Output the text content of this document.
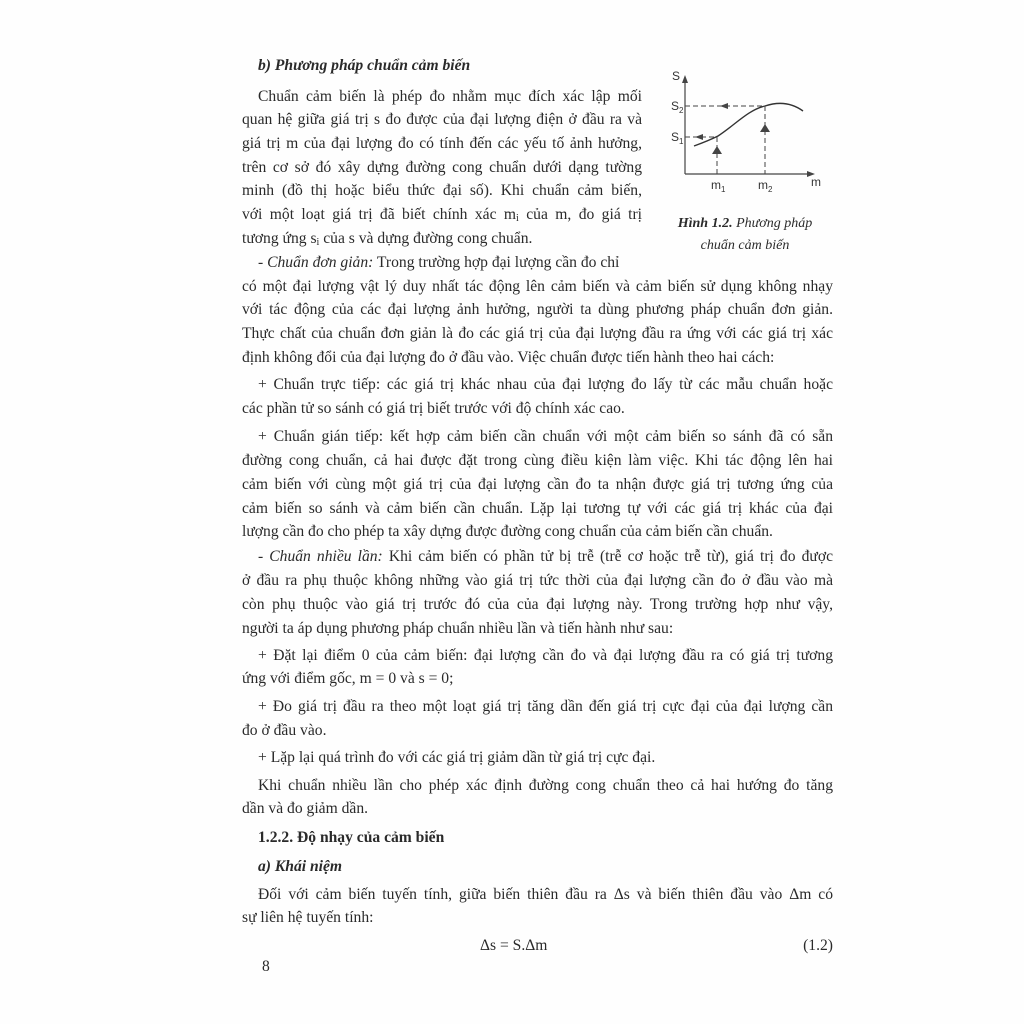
b) Phương pháp chuẩn cảm biến
Chuẩn cảm biến là phép đo nhằm mục đích xác lập mối
quan hệ giữa giá trị s đo được của đại lượng điện ở đầu ra và
giá trị m của đại lượng đo có tính đến các yếu tố ảnh hưởng,
trên cơ sở đó xây dựng đường cong chuẩn dưới dạng tường
minh (đồ thị hoặc biểu thức đại số). Khi chuẩn cảm biến,
với một loạt giá trị đã biết chính xác $m_i$ của m, đo giá trị
tương ứng $s_i$ của s và dựng đường cong chuẩn.
- Chuẩn đơn giản: Trong trường hợp đại lượng cần đo chỉ
có một đại lượng vật lý duy nhất tác động lên cảm biến và cảm biến sử dụng không nhạy
với tác động của các đại lượng ảnh hưởng, người ta dùng phương pháp chuẩn đơn giản.
Thực chất của chuẩn đơn giản là đo các giá trị của đại lượng đầu ra ứng với các giá trị xác
định không đổi của đại lượng đo ở đầu vào. Việc chuẩn được tiến hành theo hai cách:
+ Chuẩn trực tiếp: các giá trị khác nhau của đại lượng đo lấy từ các mẫu chuẩn hoặc
các phần tử so sánh có giá trị biết trước với độ chính xác cao.
+ Chuẩn gián tiếp: kết hợp cảm biến cần chuẩn với một cảm biến so sánh đã có sẵn
đường cong chuẩn, cả hai được đặt trong cùng điều kiện làm việc. Khi tác động lên hai
cảm biến với cùng một giá trị của đại lượng cần đo ta nhận được giá trị tương ứng của
cảm biến so sánh và cảm biến cần chuẩn. Lặp lại tương tự với các giá trị khác của đại
lượng cần đo cho phép ta xây dựng được đường cong chuẩn của cảm biến cần chuẩn.
- Chuẩn nhiều lần: Khi cảm biến có phần tử bị trễ (trễ cơ hoặc trễ từ), giá trị đo được
ở đầu ra phụ thuộc không những vào giá trị tức thời của đại lượng cần đo ở đầu vào mà
còn phụ thuộc vào giá trị trước đó của của đại lượng này. Trong trường hợp như vậy,
người ta áp dụng phương pháp chuẩn nhiều lần và tiến hành như sau:
+ Đặt lại điểm 0 của cảm biến: đại lượng cần đo và đại lượng đầu ra có giá trị tương
ứng với điểm gốc, m = 0 và s = 0;
+ Đo giá trị đầu ra theo một loạt giá trị tăng dần đến giá trị cực đại của đại lượng cần
đo ở đầu vào.
+ Lặp lại quá trình đo với các giá trị giảm dần từ giá trị cực đại.
Khi chuẩn nhiều lần cho phép xác định đường cong chuẩn theo cả hai hướng đo tăng
dần và đo giảm dần.
1.2.2. Độ nhạy của cảm biến
a) Khái niệm
Đối với cảm biến tuyến tính, giữa biến thiên đầu ra Δs và biến thiên đầu vào Δm có
sự liên hệ tuyến tính:
Δs = S.Δm	(1.2)
8
S
$S_2$
$S_1$
$m_1$	$m_2$
m
Hình 1.2. Phương pháp
chuẩn cảm biến
